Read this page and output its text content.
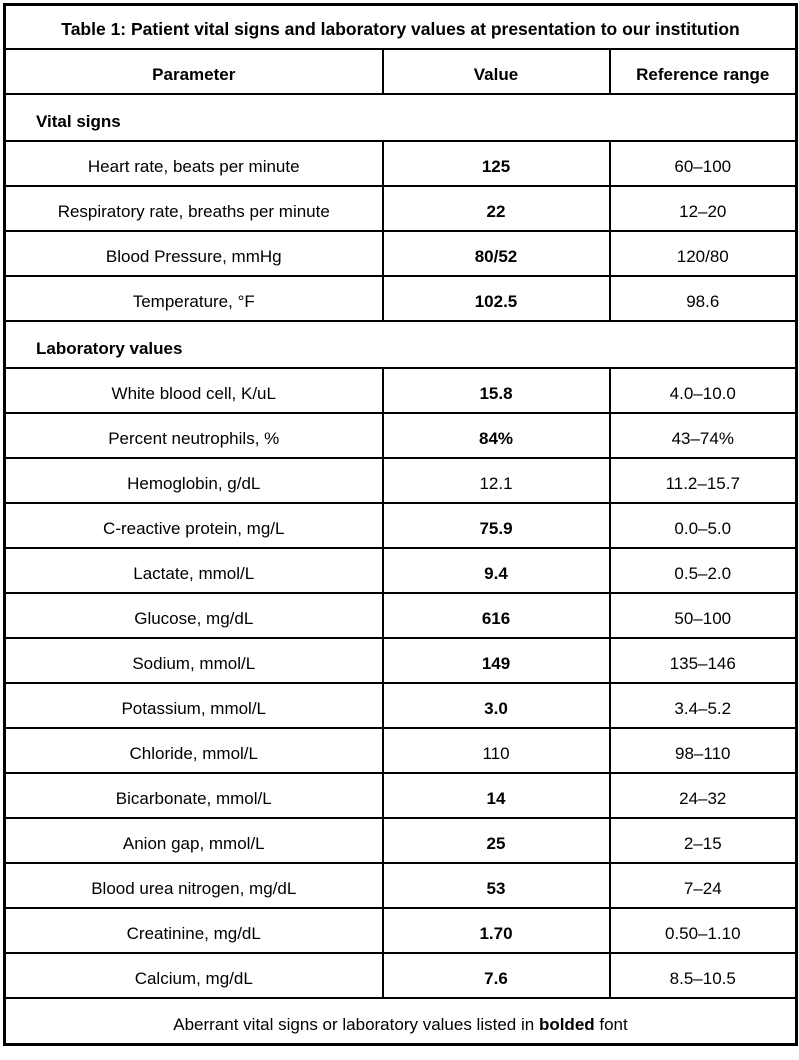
Table 1: Patient vital signs and laboratory values at presentation to our institution		
Parameter	Value	Reference range
Vital signs		
Heart rate, beats per minute	125	60–100
Respiratory rate, breaths per minute	22	12–20
Blood Pressure, mmHg	80/52	120/80
Temperature, °F	102.5	98.6
Laboratory values		
White blood cell, K/uL	15.8	4.0–10.0
Percent neutrophils, %	84%	43–74%
Hemoglobin, g/dL	12.1	11.2–15.7
C-reactive protein, mg/L	75.9	0.0–5.0
Lactate, mmol/L	9.4	0.5–2.0
Glucose, mg/dL	616	50–100
Sodium, mmol/L	149	135–146
Potassium, mmol/L	3.0	3.4–5.2
Chloride, mmol/L	110	98–110
Bicarbonate, mmol/L	14	24–32
Anion gap, mmol/L	25	2–15
Blood urea nitrogen, mg/dL	53	7–24
Creatinine, mg/dL	1.70	0.50–1.10
Calcium, mg/dL	7.6	8.5–10.5
Aberrant vital signs or laboratory values listed in bolded font		
